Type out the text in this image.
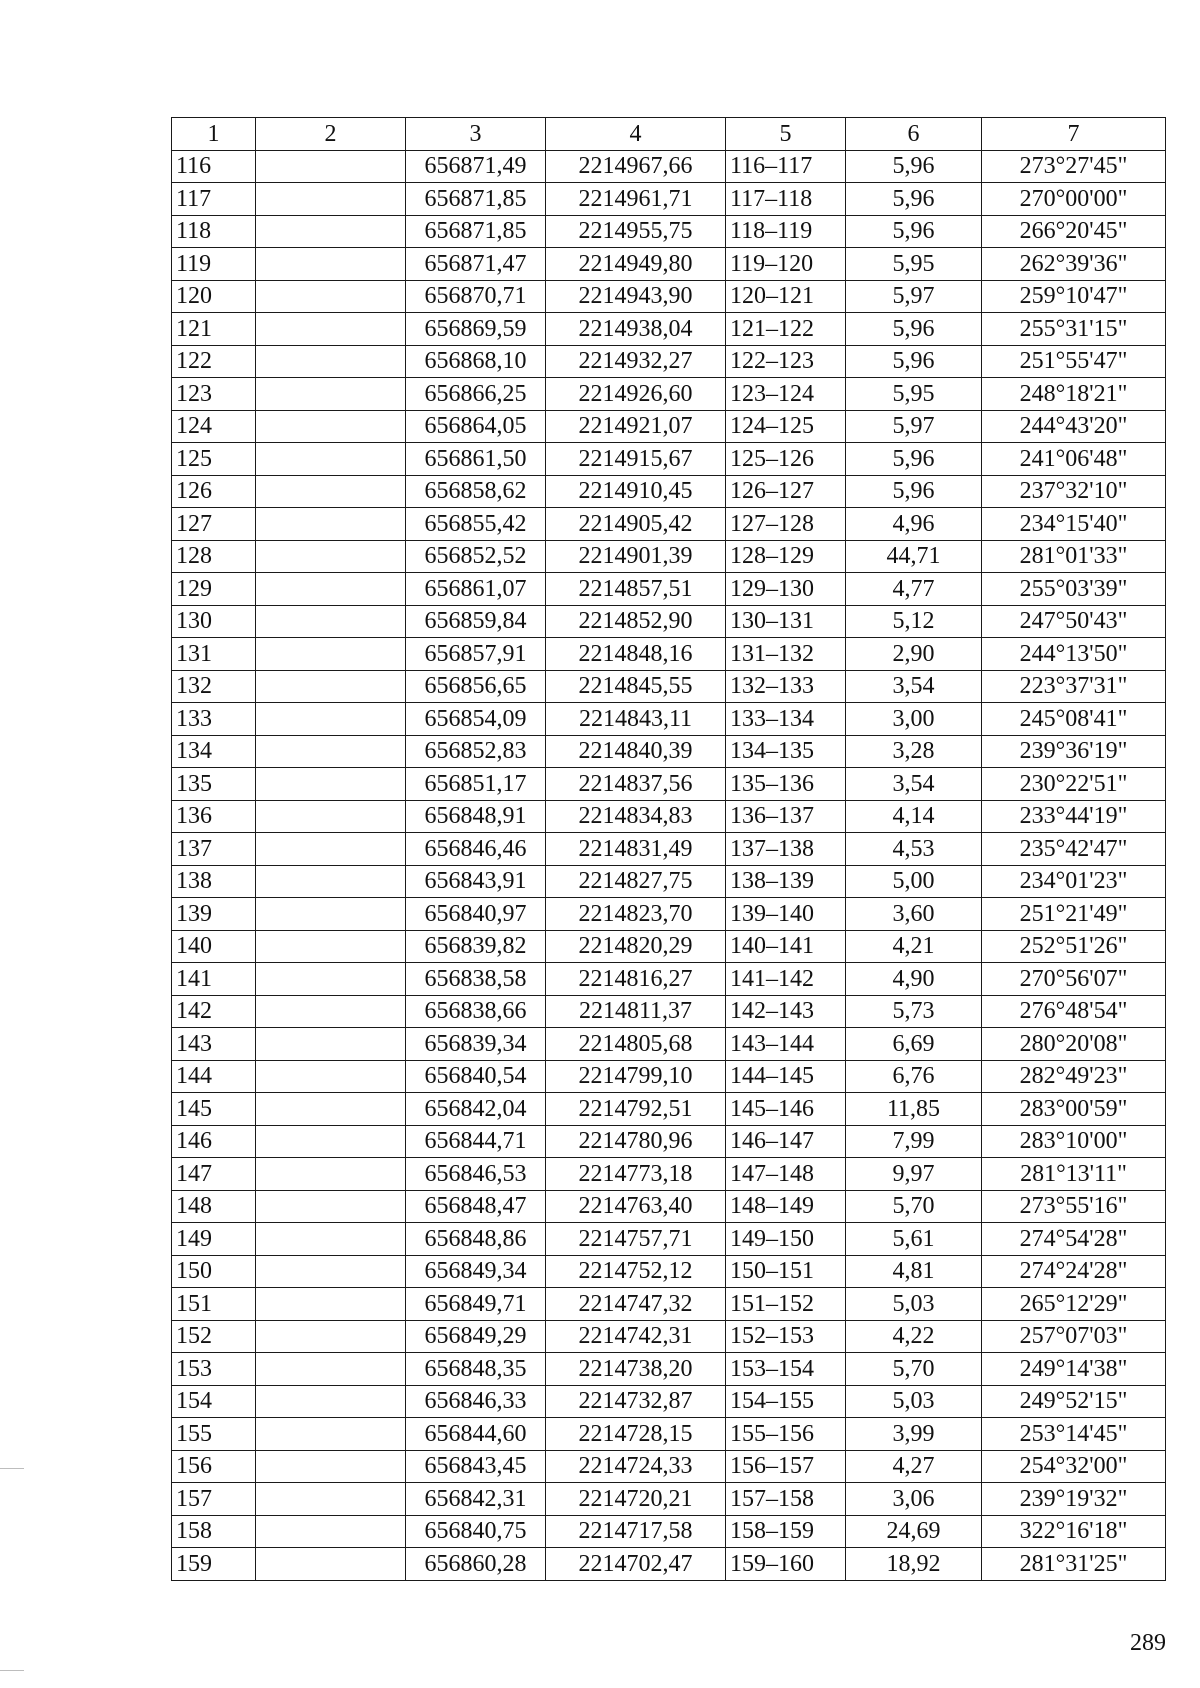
1	2	3	4	5	6	7
116		656871,49	2214967,66	116–117	5,96	273°27'45"
117		656871,85	2214961,71	117–118	5,96	270°00'00"
118		656871,85	2214955,75	118–119	5,96	266°20'45"
119		656871,47	2214949,80	119–120	5,95	262°39'36"
120		656870,71	2214943,90	120–121	5,97	259°10'47"
121		656869,59	2214938,04	121–122	5,96	255°31'15"
122		656868,10	2214932,27	122–123	5,96	251°55'47"
123		656866,25	2214926,60	123–124	5,95	248°18'21"
124		656864,05	2214921,07	124–125	5,97	244°43'20"
125		656861,50	2214915,67	125–126	5,96	241°06'48"
126		656858,62	2214910,45	126–127	5,96	237°32'10"
127		656855,42	2214905,42	127–128	4,96	234°15'40"
128		656852,52	2214901,39	128–129	44,71	281°01'33"
129		656861,07	2214857,51	129–130	4,77	255°03'39"
130		656859,84	2214852,90	130–131	5,12	247°50'43"
131		656857,91	2214848,16	131–132	2,90	244°13'50"
132		656856,65	2214845,55	132–133	3,54	223°37'31"
133		656854,09	2214843,11	133–134	3,00	245°08'41"
134		656852,83	2214840,39	134–135	3,28	239°36'19"
135		656851,17	2214837,56	135–136	3,54	230°22'51"
136		656848,91	2214834,83	136–137	4,14	233°44'19"
137		656846,46	2214831,49	137–138	4,53	235°42'47"
138		656843,91	2214827,75	138–139	5,00	234°01'23"
139		656840,97	2214823,70	139–140	3,60	251°21'49"
140		656839,82	2214820,29	140–141	4,21	252°51'26"
141		656838,58	2214816,27	141–142	4,90	270°56'07"
142		656838,66	2214811,37	142–143	5,73	276°48'54"
143		656839,34	2214805,68	143–144	6,69	280°20'08"
144		656840,54	2214799,10	144–145	6,76	282°49'23"
145		656842,04	2214792,51	145–146	11,85	283°00'59"
146		656844,71	2214780,96	146–147	7,99	283°10'00"
147		656846,53	2214773,18	147–148	9,97	281°13'11"
148		656848,47	2214763,40	148–149	5,70	273°55'16"
149		656848,86	2214757,71	149–150	5,61	274°54'28"
150		656849,34	2214752,12	150–151	4,81	274°24'28"
151		656849,71	2214747,32	151–152	5,03	265°12'29"
152		656849,29	2214742,31	152–153	4,22	257°07'03"
153		656848,35	2214738,20	153–154	5,70	249°14'38"
154		656846,33	2214732,87	154–155	5,03	249°52'15"
155		656844,60	2214728,15	155–156	3,99	253°14'45"
156		656843,45	2214724,33	156–157	4,27	254°32'00"
157		656842,31	2214720,21	157–158	3,06	239°19'32"
158		656840,75	2214717,58	158–159	24,69	322°16'18"
159		656860,28	2214702,47	159–160	18,92	281°31'25"
289
